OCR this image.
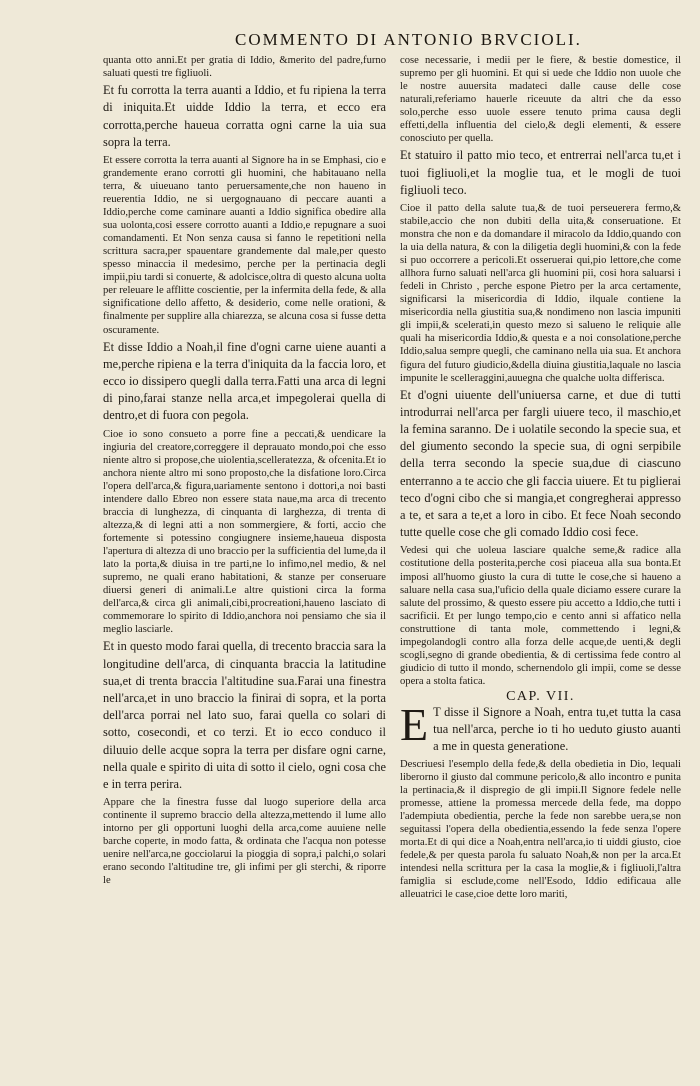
COMMENTO DI ANTONIO BRVCIOLI.

quanta otto anni.Et per gratia di Iddio, &merito del padre,furno saluati questi tre figliuoli.

Et fu corrotta la terra auanti a Iddio, et fu ripiena la terra di iniquita.Et uidde Iddio la terra, et ecco era corrotta,perche haueua corratta ogni carne la uia sua sopra la terra.

Et essere corrotta la terra auanti al Signore ha in se Emphasi, cio e grandemente erano corrotti gli huomini, che habitauano nella terra, & uiueuano tanto peruersamente,che non haueno in reuerentia Iddio, ne si uergognauano di peccare auanti a Iddio,perche come caminare auanti a Iddio significa obedire alla sua uolonta,cosi essere corrotto auanti a Iddio,e repugnare a suoi comandamenti. Et Non senza causa si fanno le repetitioni nella scrittura sacra,per spauentare grandemente dal male,per questo spesso minaccia il medesimo, perche per la pertinacia degli impii,piu tardi si conuerte, & adolcisce,oltra di questo alcuna uolta per releuare le afflitte coscientie, per la infermita della fede, & alla significatione dello affetto, & desiderio, come nelle orationi, & finalmente per supplire alla chiarezza, se alcuna cosa si fusse detta oscuramente.

Et disse Iddio a Noah,il fine d'ogni carne uiene auanti a me,perche ripiena e la terra d'iniquita da la faccia loro, et ecco io dissipero quegli dalla terra.Fatti una arca di legni di pino,farai stanze nella arca,et impegolerai quella di dentro,et di fuora con pegola.

Cioe io sono consueto a porre fine a peccati,& uendicare la ingiuria del creatore,correggere il deprauato mondo,poi che esso niente altro si propose,che uiolentia,scelleratezza, & ofcenita.Et io anchora niente altro mi sono proposto,che la disfatione loro.Circa l'opera dell'arca,& figura,uariamente sentono i dottori,a noi basti intendere dallo Ebreo non essere stata naue,ma arca di trecento braccia di lunghezza, di cinquanta di larghezza, di trenta di altezza,& di legni atti a non sommergiere, & forti, accio che fortemente si potessino congiugnere insieme,haueua disposta l'apertura di altezza di uno braccio per la sufficientia del lume,da il lato la porta,& diuisa in tre parti,ne lo infimo,nel medio, & nel supremo, ne quali erano habitationi, & stanze per conseruare diuersi generi di animali.Le altre quistioni circa la forma dell'arca,& circa gli animali,cibi,procreationi,haueno lasciato di commemorare lo spirito di Iddio,anchora noi pensiamo che sia il meglio lasciarle.

Et in questo modo farai quella, di trecento braccia sara la longitudine dell'arca, di cinquanta braccia la latitudine sua,et di trenta braccia l'altitudine sua.Farai una finestra nell'arca,et in uno braccio la finirai di sopra, et la porta dell'arca porrai nel lato suo, farai quella co solari di sotto, cosecondi, et co terzi. Et io ecco conduco il diluuio delle acque sopra la terra per disfare ogni carne, nella quale e spirito di uita di sotto il cielo, ogni cosa che e in terra perira.

Appare che la finestra fusse dal luogo superiore della arca continente il supremo braccio della altezza,mettendo il lume allo intorno per gli opportuni luoghi della arca,come auuiene nelle barche coperte, in modo fatta, & ordinata che l'acqua non potesse uenire nell'arca,ne gocciolarui la pioggia di sopra,i palchi,o solari erano secondo l'altitudine tre, gli infimi per gli sterchi, & riporre le

cose necessarie, i medii per le fiere, & bestie domestice, il supremo per gli huomini. Et qui si uede che Iddio non uuole che le nostre auuersita madateci dalle cause delle cose naturali,referiamo hauerle riceuute da altri che da esso solo,perche esso uuole essere tenuto prima causa degli effetti,della influentia del cielo,& degli elementi, & essere conosciuto per quella.

Et statuiro il patto mio teco, et entrerrai nell'arca tu,et i tuoi figliuoli,et la moglie tua, et le mogli de tuoi figliuoli teco.

Cioe il patto della salute tua,& de tuoi perseuerera fermo,& stabile,accio che non dubiti della uita,& conseruatione. Et monstra che non e da domandare il miracolo da Iddio,quando con la uia della natura, & con la diligetia degli huomini,& con la fede si puo occorrere a pericoli.Et osseruerai qui,pio lettore,che come allhora furno saluati nell'arca gli huomini pii, cosi hora saluarsi i fedeli in Christo , perche espone Pietro per la arca certamente, significarsi la misericordia di Iddio, ilquale contiene la misericordia nella giustitia sua,& nondimeno non lascia impuniti gli impii,& scelerati,in questo mezo si salueno le reliquie alle quali ha misericordia Iddio,& questa e a noi consolatione,perche Iddio,salua sempre quegli, che caminano nella uia sua. Et anchora figura del futuro giudicio,&della diuina giustitia,laquale no lascia impunite le scelleraggini,auuegna che qualche uolta differisca.

Et d'ogni uiuente dell'uniuersa carne, et due di tutti introdurrai nell'arca per fargli uiuere teco, il maschio,et la femina saranno. De i uolatile secondo la specie sua, et del giumento secondo la specie sua, di ogni serpibile della terra secondo la specie sua,due di ciascuno enterranno a te accio che gli faccia uiuere. Et tu piglierai teco d'ogni cibo che si mangia,et congregherai appresso a te, et sara a te,et a loro in cibo. Et fece Noah secondo tutte quelle cose che gli comado Iddio cosi fece.

Vedesi qui che uoleua lasciare qualche seme,& radice alla costitutione della posterita,perche cosi piaceua alla sua bonta.Et imposi all'huomo giusto la cura di tutte le cose,che si haueno a saluare nella casa sua,l'uficio della quale diciamo essere curare la salute del prossimo, & questo essere piu accetto a Iddio,che tutti i sacrificii. Et per lungo tempo,cio e cento anni si affatico nella construttione di tanta mole, commettendo i legni,& impegolandogli contro alla forza delle acque,de uenti,& degli scogli,segno di grande obedientia, & di certissima fede contro al giudicio di tutto il mondo, schernendolo gli impii, come se desse opera a stolta fatica.

CAP. VII.

E T disse il Signore a Noah, entra tu,et tutta la casa tua nell'arca, perche io ti ho ueduto giusto auanti a me in questa generatione.

Descriuesi l'esemplo della fede,& della obedietia in Dio, lequali liberorno il giusto dal commune pericolo,& allo incontro e punita la pertinacia,& il dispregio de gli impii.Il Signore fedele nelle promesse, attiene la promessa mercede della fede, ma doppo l'adempiuta obedientia, perche la fede non sarebbe uera,se non seguitassi l'opera della obedientia,essendo la fede senza l'opere morta.Et di qui dice a Noah,entra nell'arca,io ti uiddi giusto, cioe fedele,& per questa parola fu saluato Noah,& non per la arca.Et intendesi nella scrittura per la casa la moglie,& i figliuoli,l'altra famiglia si esclude,come nell'Esodo, Iddio edificaua alle alleuatrici le case,cioe dette loro mariti,
